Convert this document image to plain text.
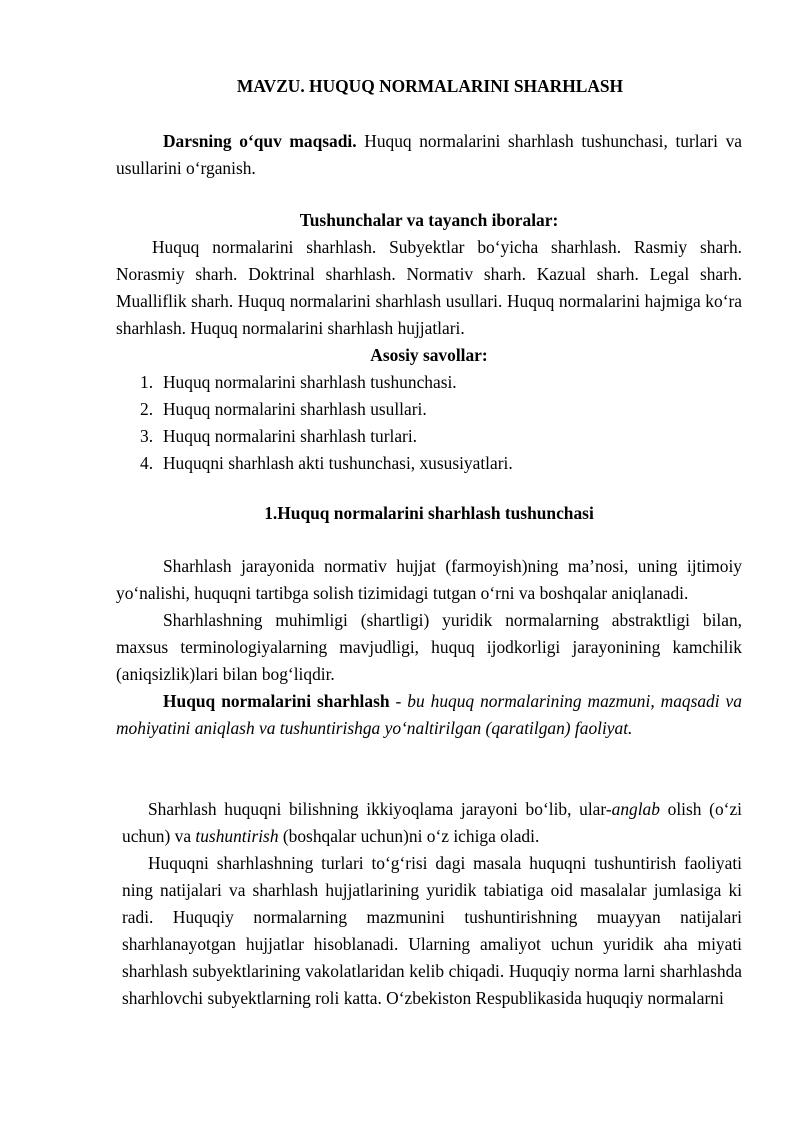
MAVZU. HUQUQ NORMALARINI SHARHLASH

Darsning o‘quv maqsadi. Huquq normalarini sharhlash tushunchasi, turlari va usullarini o‘rganish.

Tushunchalar va tayanch iboralar:

Huquq normalarini sharhlash. Subyektlar bo‘yicha sharhlash. Rasmiy sharh. Norasmiy sharh. Doktrinal sharhlash. Normativ sharh. Kazual sharh. Legal sharh. Mualliflik sharh. Huquq normalarini sharhlash usullari. Huquq normalarini hajmiga ko‘ra sharhlash. Huquq normalarini sharhlash hujjatlari.

Asosiy savollar:

1. Huquq normalarini sharhlash tushunchasi.
2. Huquq normalarini sharhlash usullari.
3. Huquq normalarini sharhlash turlari.
4. Huquqni sharhlash akti tushunchasi, xususiyatlari.
1.Huquq normalarini sharhlash tushunchasi

Sharhlash jarayonida normativ hujjat (farmoyish)ning ma’nosi, uning ijtimoiy yo‘nalishi, huquqni tartibga solish tizimidagi tutgan o‘rni va boshqalar aniqlanadi.

Sharhlashning muhimligi (shartligi) yuridik normalarning abstraktligi bilan, maxsus terminologiyalarning mavjudligi, huquq ijodkorligi jarayonining kamchilik (aniqsizlik)lari bilan bog‘liqdir.

Huquq normalarini sharhlash - bu huquq normalarining mazmuni, maqsadi va mohiyatini aniqlash va tushuntirishga yo‘naltirilgan (qaratilgan) faoliyat.

Sharhlash huquqni bilishning ikkiyoqlama jarayoni bo‘lib, ular-anglab olish (o‘zi uchun) va tushuntirish (boshqalar uchun)ni o‘z ichiga oladi.

Huquqni sharhlashning turlari to‘g‘risi dagi masala huquqni tushuntirish faoliyati ning natijalari va sharhlash hujjatlarining yuridik tabiatiga oid masalalar jumlasiga ki radi. Huquqiy normalarning mazmunini tushuntirishning muayyan natijalari sharhlanayotgan hujjatlar hisoblanadi. Ularning amaliyot uchun yuridik aha miyati sharhlash subyektlarining vakolatlaridan kelib chiqadi. Huquqiy norma larni sharhlashda sharhlovchi subyektlarning roli katta. O‘zbekiston Respublikasida huquqiy normalarni
